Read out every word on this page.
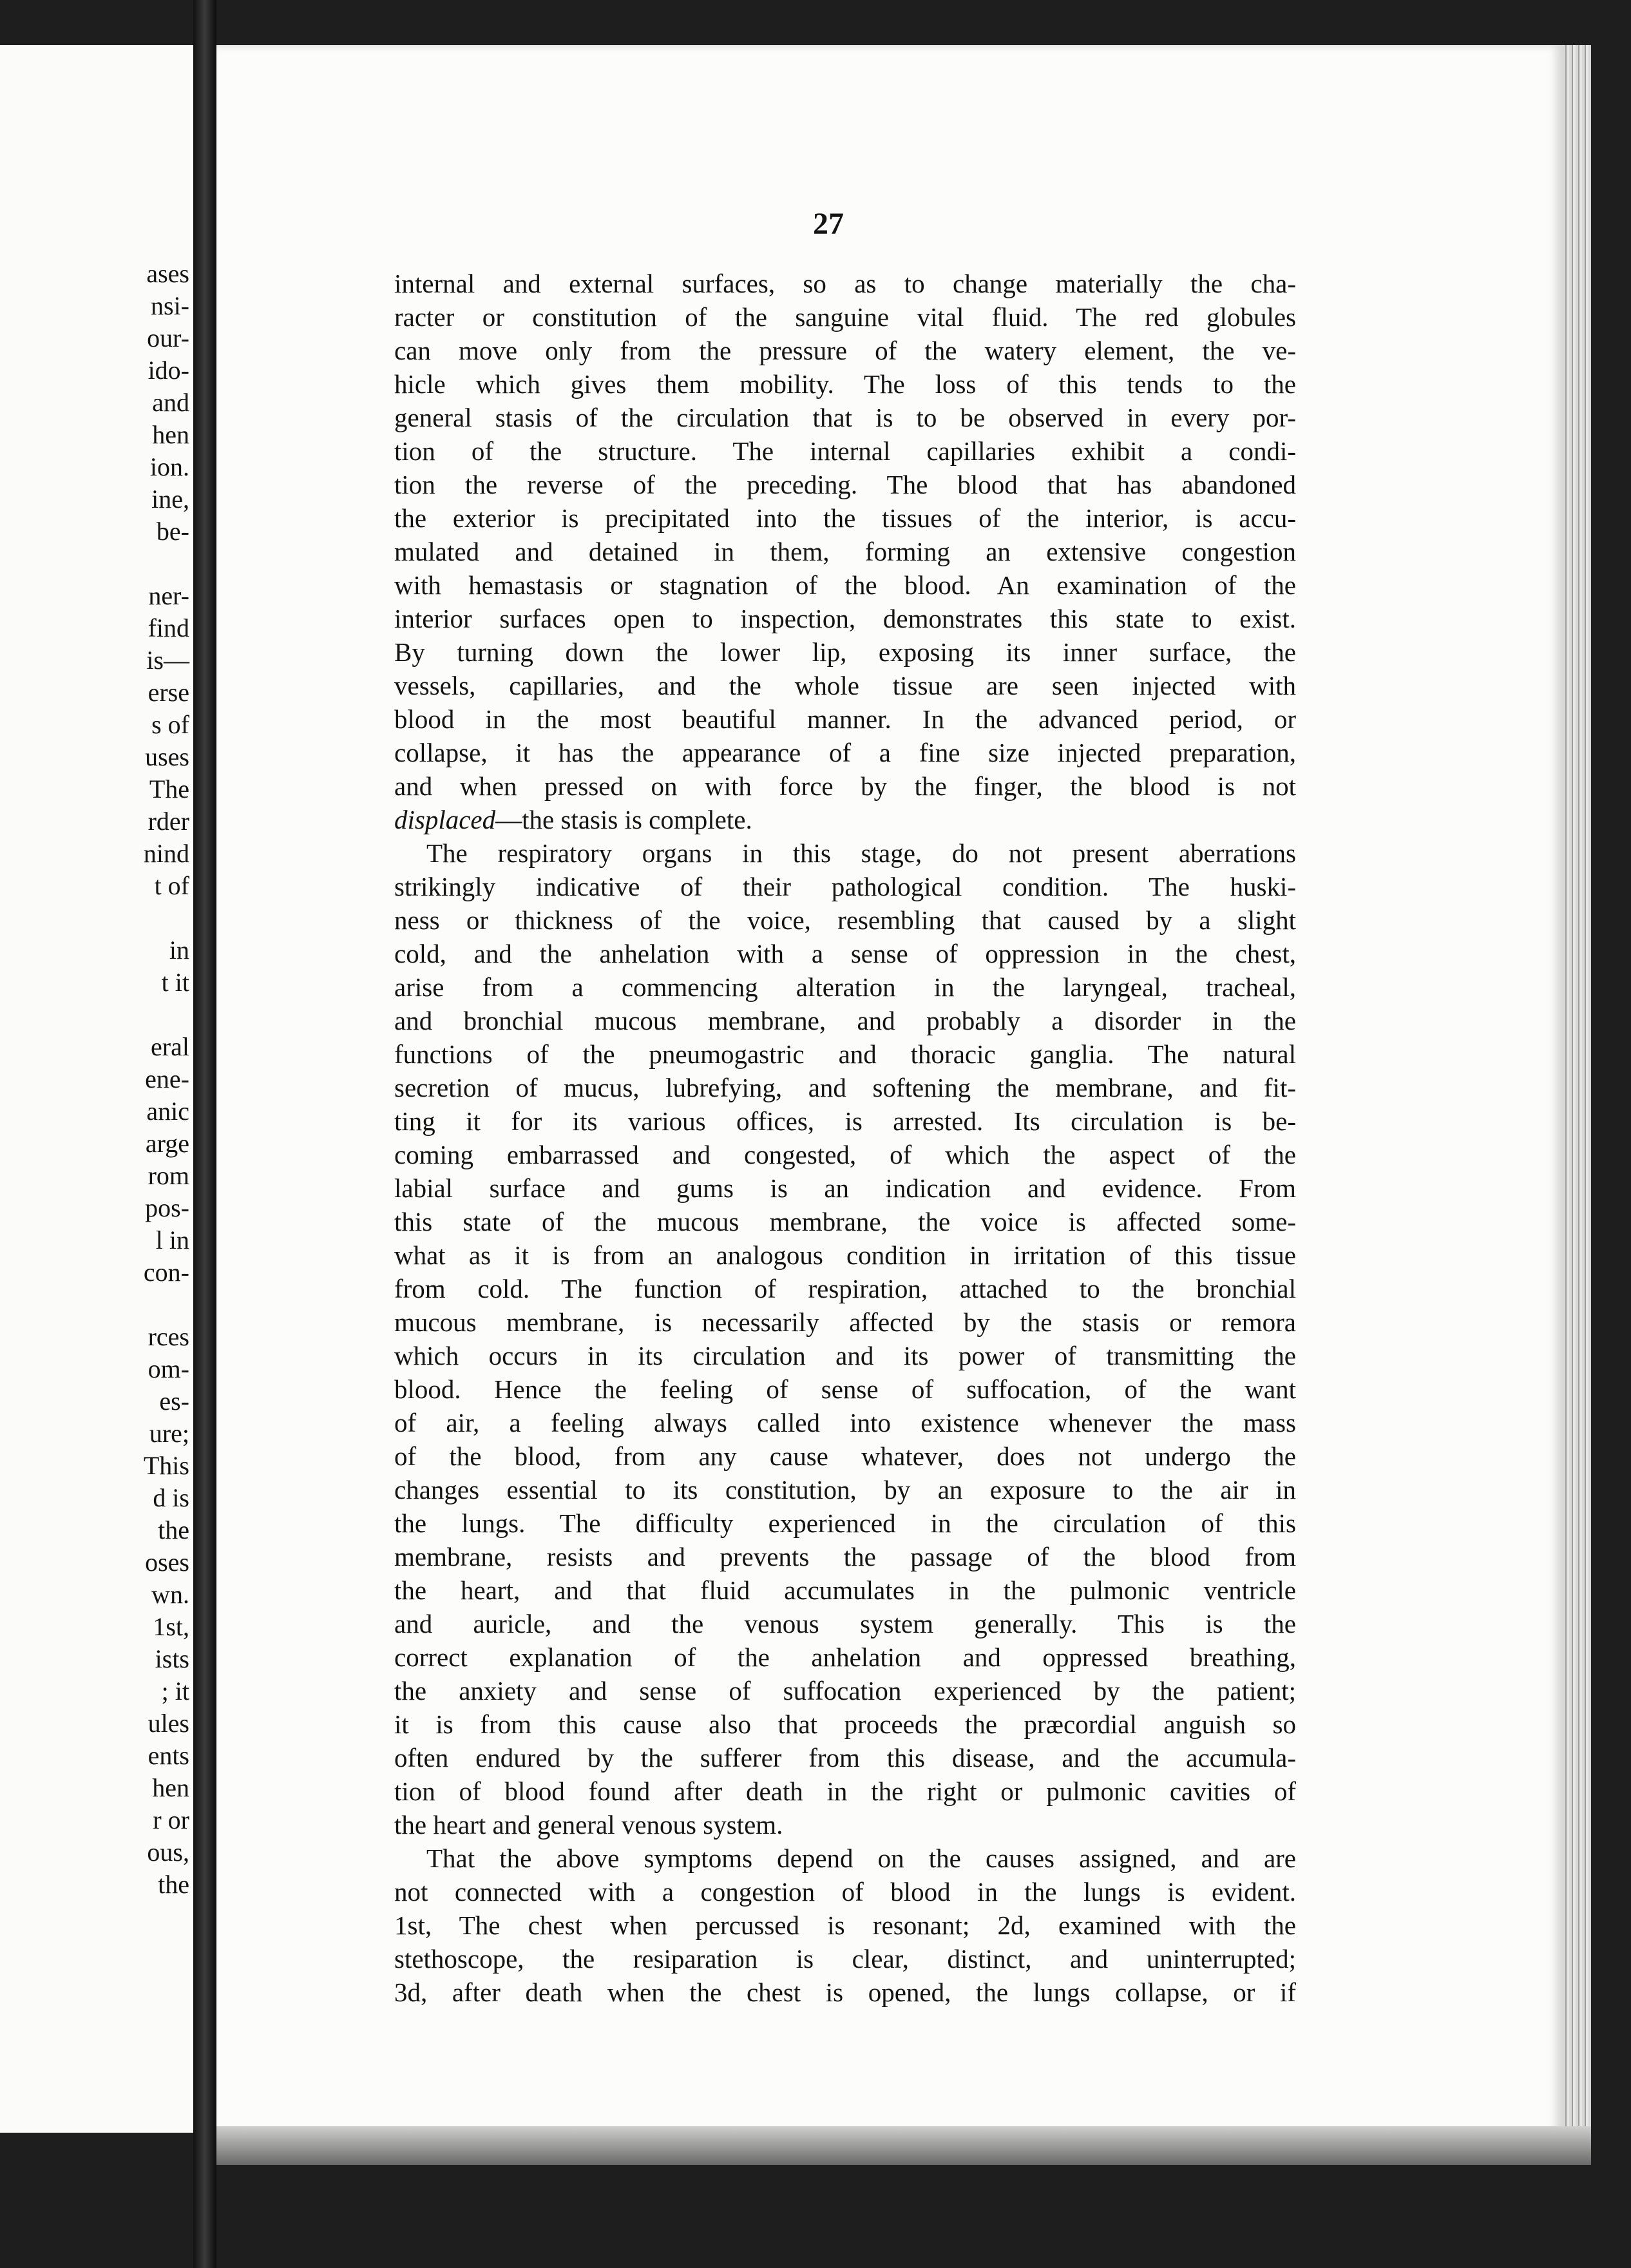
ases
nsi-
our-
ido-
and
hen
ion.
ine,
be-
ner-
find
is—
erse
s of
uses
The
rder
nind
t of
in
t it
eral
ene-
anic
arge
rom
pos-
l in
con-
rces
om-
es-
ure;
This
d is
the
oses
wn.
1st,
ists
; it
ules
ents
hen
r or
ous,
the
27
internal and external surfaces, so as to change materially the cha-
racter or constitution of the sanguine vital fluid. The red globules
can move only from the pressure of the watery element, the ve-
hicle which gives them mobility. The loss of this tends to the
general stasis of the circulation that is to be observed in every por-
tion of the structure. The internal capillaries exhibit a condi-
tion the reverse of the preceding. The blood that has abandoned
the exterior is precipitated into the tissues of the interior, is accu-
mulated and detained in them, forming an extensive congestion
with hemastasis or stagnation of the blood. An examination of the
interior surfaces open to inspection, demonstrates this state to exist.
By turning down the lower lip, exposing its inner surface, the
vessels, capillaries, and the whole tissue are seen injected with
blood in the most beautiful manner. In the advanced period, or
collapse, it has the appearance of a fine size injected preparation,
and when pressed on with force by the finger, the blood is not
displaced—the stasis is complete.
The respiratory organs in this stage, do not present aberrations
strikingly indicative of their pathological condition. The huski-
ness or thickness of the voice, resembling that caused by a slight
cold, and the anhelation with a sense of oppression in the chest,
arise from a commencing alteration in the laryngeal, tracheal,
and bronchial mucous membrane, and probably a disorder in the
functions of the pneumogastric and thoracic ganglia. The natural
secretion of mucus, lubrefying, and softening the membrane, and fit-
ting it for its various offices, is arrested. Its circulation is be-
coming embarrassed and congested, of which the aspect of the
labial surface and gums is an indication and evidence. From
this state of the mucous membrane, the voice is affected some-
what as it is from an analogous condition in irritation of this tissue
from cold. The function of respiration, attached to the bronchial
mucous membrane, is necessarily affected by the stasis or remora
which occurs in its circulation and its power of transmitting the
blood. Hence the feeling of sense of suffocation, of the want
of air, a feeling always called into existence whenever the mass
of the blood, from any cause whatever, does not undergo the
changes essential to its constitution, by an exposure to the air in
the lungs. The difficulty experienced in the circulation of this
membrane, resists and prevents the passage of the blood from
the heart, and that fluid accumulates in the pulmonic ventricle
and auricle, and the venous system generally. This is the
correct explanation of the anhelation and oppressed breathing,
the anxiety and sense of suffocation experienced by the patient;
it is from this cause also that proceeds the præcordial anguish so
often endured by the sufferer from this disease, and the accumula-
tion of blood found after death in the right or pulmonic cavities of
the heart and general venous system.
That the above symptoms depend on the causes assigned, and are
not connected with a congestion of blood in the lungs is evident.
1st, The chest when percussed is resonant; 2d, examined with the
stethoscope, the resiparation is clear, distinct, and uninterrupted;
3d, after death when the chest is opened, the lungs collapse, or if
